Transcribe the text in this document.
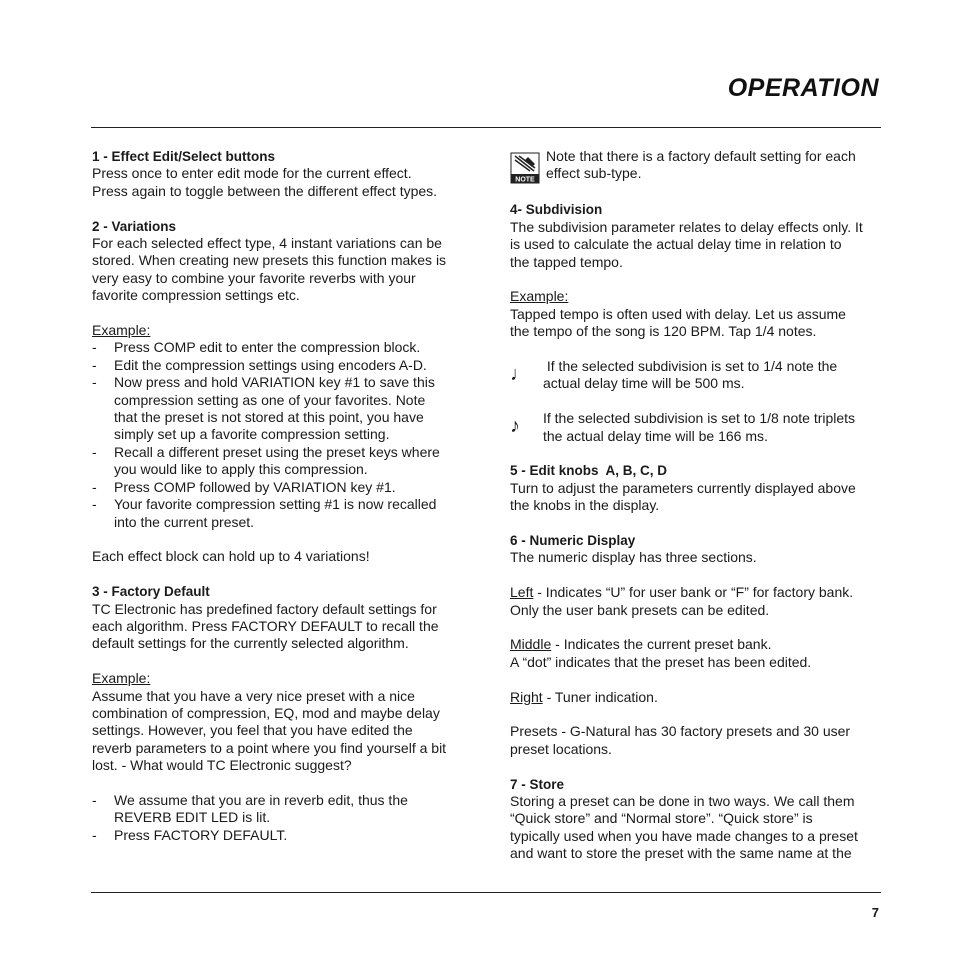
OPERATION
1 - Effect Edit/Select buttons
Press once to enter edit mode for the current effect.
Press again to toggle between the different effect types.
2 - Variations
For each selected effect type, 4 instant variations can be
stored. When creating new presets this function makes is
very easy to combine your favorite reverbs with your
favorite compression settings etc.
Example:
- Press COMP edit to enter the compression block.
- Edit the compression settings using encoders A-D.
- Now press and hold VARIATION key #1 to save this
compression setting as one of your favorites. Note
that the preset is not stored at this point, you have
simply set up a favorite compression setting.
- Recall a different preset using the preset keys where
you would like to apply this compression.
- Press COMP followed by VARIATION key #1.
- Your favorite compression setting #1 is now recalled
into the current preset.
Each effect block can hold up to 4 variations!
3 - Factory Default
TC Electronic has predefined factory default settings for
each algorithm. Press FACTORY DEFAULT to recall the
default settings for the currently selected algorithm.
Example:
Assume that you have a very nice preset with a nice
combination of compression, EQ, mod and maybe delay
settings. However, you feel that you have edited the
reverb parameters to a point where you find yourself a bit
lost. - What would TC Electronic suggest?
- We assume that you are in reverb edit, thus the
REVERB EDIT LED is lit.
- Press FACTORY DEFAULT.
NOTE
Note that there is a factory default setting for each
effect sub-type.
4- Subdivision
The subdivision parameter relates to delay effects only. It
is used to calculate the actual delay time in relation to
the tapped tempo.
Example:
Tapped tempo is often used with delay. Let us assume
the tempo of the song is 120 BPM. Tap 1/4 notes.
♩ If the selected subdivision is set to 1/4 note the
actual delay time will be 500 ms.
♪	If the selected subdivision is set to 1/8 note triplets
the actual delay time will be 166 ms.
5 - Edit knobs  A, B, C, D
Turn to adjust the parameters currently displayed above
the knobs in the display.
6 - Numeric Display
The numeric display has three sections.
Left - Indicates “U” for user bank or “F” for factory bank.
Only the user bank presets can be edited.
Middle - Indicates the current preset bank.
A “dot” indicates that the preset has been edited.
Right - Tuner indication.
Presets - G-Natural has 30 factory presets and 30 user
preset locations.
7 - Store
Storing a preset can be done in two ways. We call them
“Quick store” and “Normal store”. “Quick store” is
typically used when you have made changes to a preset
and want to store the preset with the same name at the
7
